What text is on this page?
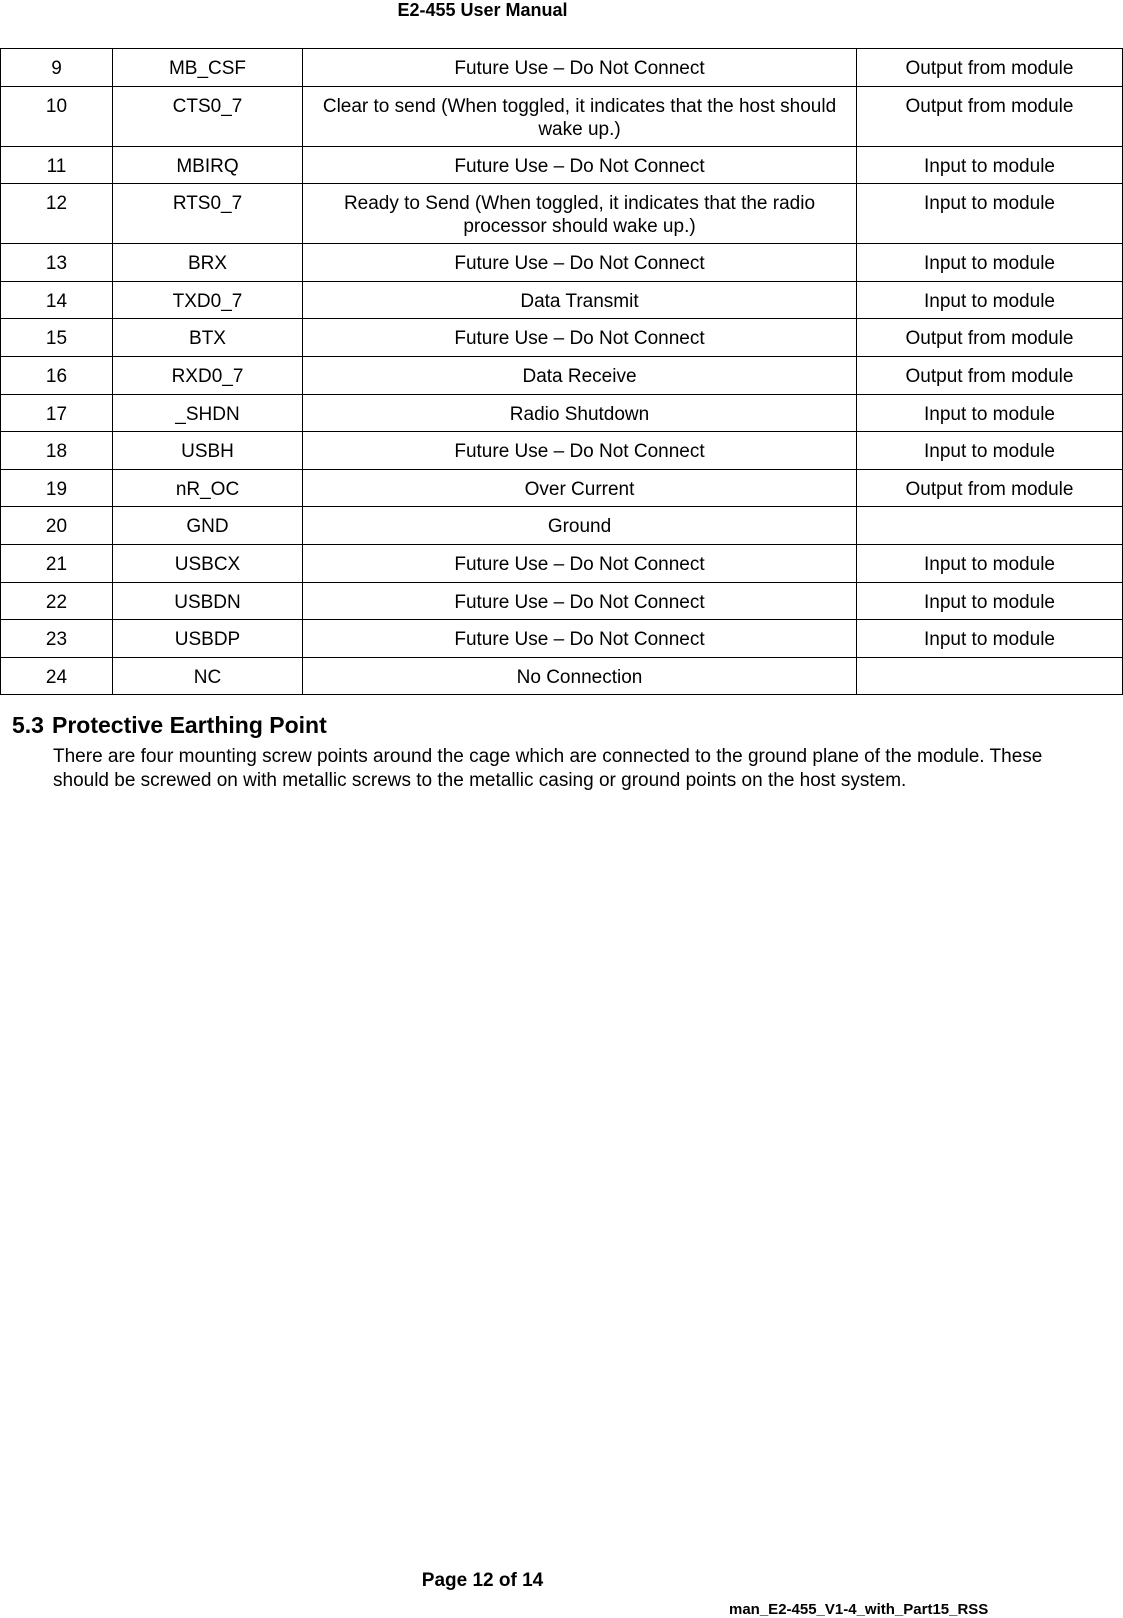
E2-455 User Manual
9	MB_CSF	Future Use – Do Not Connect	Output from module
10	CTS0_7	Clear to send (When toggled, it indicates that the host should wake up.)	Output from module
11	MBIRQ	Future Use – Do Not Connect	Input to module
12	RTS0_7	Ready to Send (When toggled, it indicates that the radio processor should wake up.)	Input to module
13	BRX	Future Use – Do Not Connect	Input to module
14	TXD0_7	Data Transmit	Input to module
15	BTX	Future Use – Do Not Connect	Output from module
16	RXD0_7	Data Receive	Output from module
17	_SHDN	Radio Shutdown	Input to module
18	USBH	Future Use – Do Not Connect	Input to module
19	nR_OC	Over Current	Output from module
20	GND	Ground	
21	USBCX	Future Use – Do Not Connect	Input to module
22	USBDN	Future Use – Do Not Connect	Input to module
23	USBDP	Future Use – Do Not Connect	Input to module
24	NC	No Connection	
5.3 Protective Earthing Point
There are four mounting screw points around the cage which are connected to the ground plane of the module. These should be screwed on with metallic screws to the metallic casing or ground points on the host system.
Page 12 of 14
man_E2-455_V1-4_with_Part15_RSS
